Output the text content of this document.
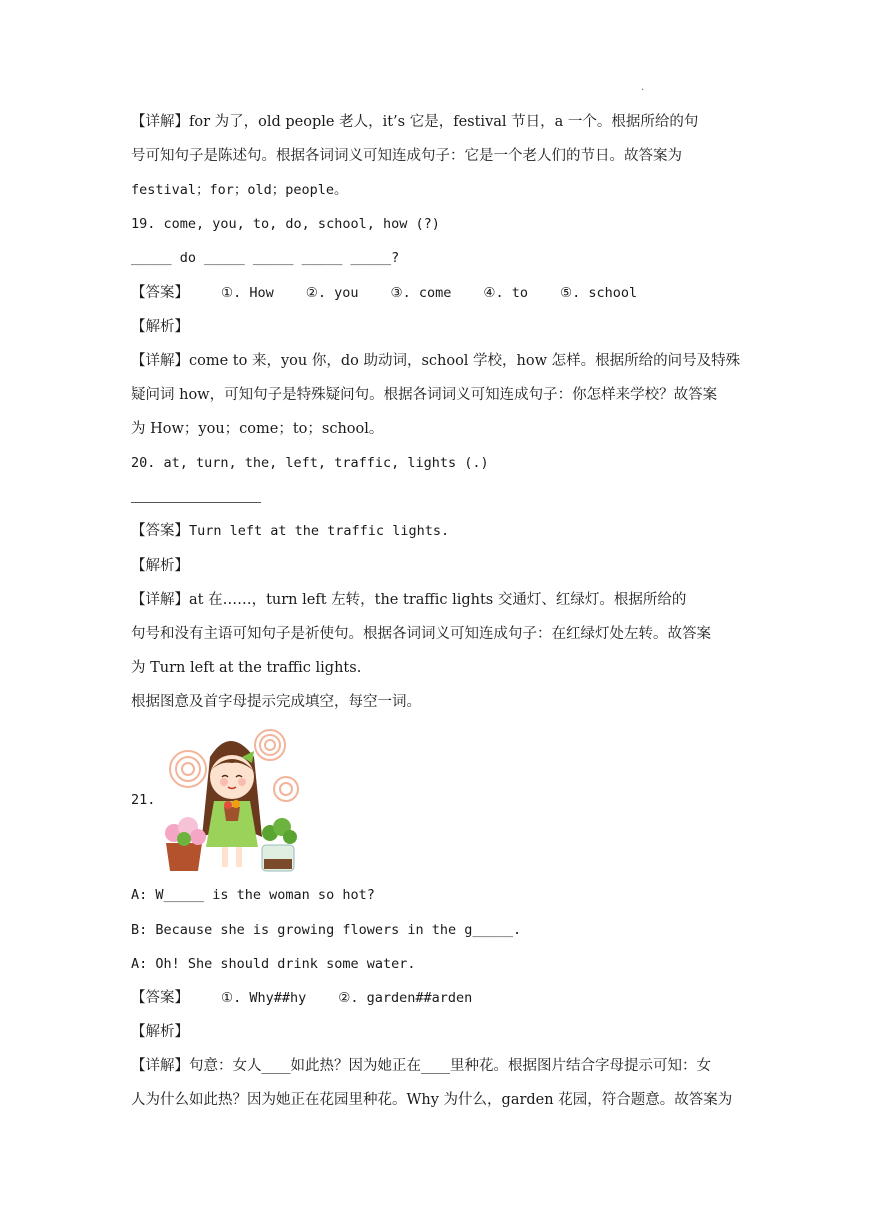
.
【详解】for 为了，old people 老人，it’s 它是，festival 节日，a 一个。根据所给的句
号可知句子是陈述句。根据各词词义可知连成句子：它是一个老人们的节日。故答案为
festival；for；old；people。
19. come, you, to, do, school, how (?)
_____ do _____ _____ _____ _____?
【答案】 ①. How ②. you ③. come ④. to ⑤. school
【解析】
【详解】come to 来，you 你，do 助动词，school 学校，how 怎样。根据所给的问号及特殊
疑问词 how，可知句子是特殊疑问句。根据各词词义可知连成句子：你怎样来学校？故答案
为 How；you；come；to；school。
20. at, turn, the, left, traffic, lights (.)
【答案】Turn left at the traffic lights.
【解析】
【详解】at 在……，turn left 左转，the traffic lights 交通灯、红绿灯。根据所给的
句号和没有主语可知句子是祈使句。根据各词词义可知连成句子：在红绿灯处左转。故答案
为 Turn left at the traffic lights.
根据图意及首字母提示完成填空，每空一词。
21.
A: W_____ is the woman so hot?
B: Because she is growing flowers in the g_____.
A: Oh! She should drink some water.
【答案】 ①. Why##hy ②. garden##arden
【解析】
【详解】句意：女人____如此热？因为她正在____里种花。根据图片结合字母提示可知：女
人为什么如此热？因为她正在花园里种花。Why 为什么，garden 花园，符合题意。故答案为
